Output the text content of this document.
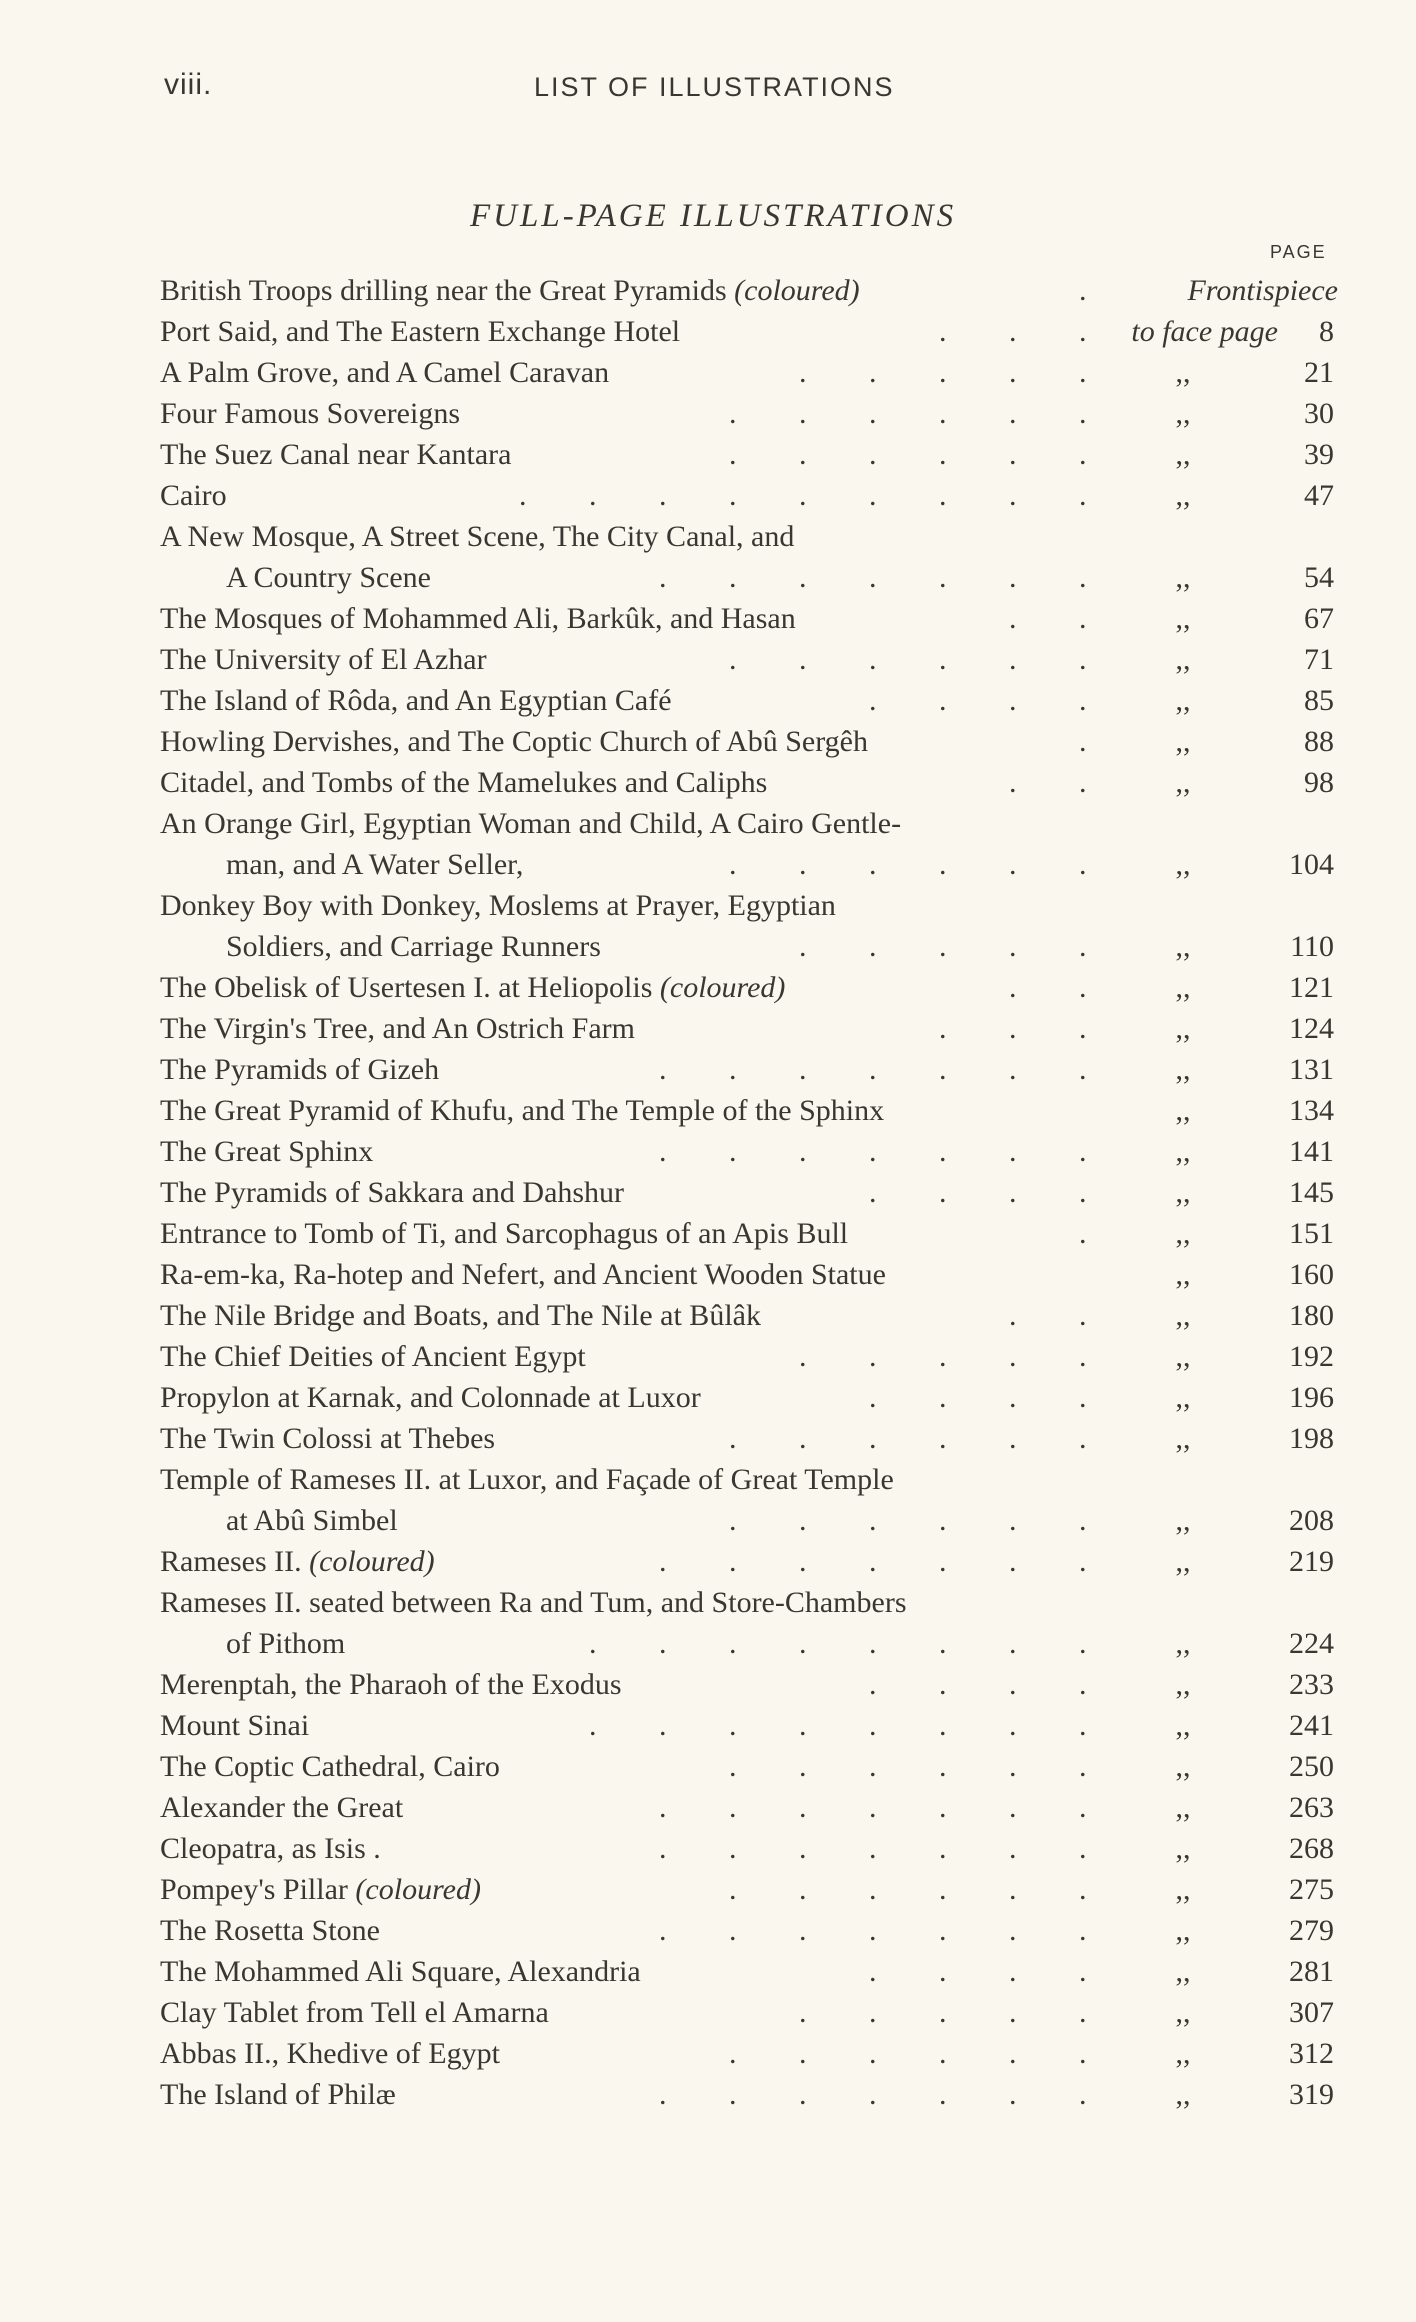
viii.	LIST OF ILLUSTRATIONS
FULL-PAGE ILLUSTRATIONS
PAGE
British Troops drilling near the Great Pyramids (coloured)	.	Frontispiece
Port Said, and The Eastern Exchange Hotel	. . . to face page 8
A Palm Grove, and A Camel Caravan	. . . . .	,,	21
Four Famous Sovereigns	. . . . . .	,,	30
The Suez Canal near Kantara	. . . . . .	,,	39
Cairo	. . . . . . . . .	,,	47
A New Mosque, A Street Scene, The City Canal, and
A Country Scene	. . . . . . .	,,	54
The Mosques of Mohammed Ali, Barkûk, and Hasan	. .	,,	67
The University of El Azhar	. . . . . .	,,	71
The Island of Rôda, and An Egyptian Café	. . . .	,,	85
Howling Dervishes, and The Coptic Church of Abû Sergêh	.	,,	88
Citadel, and Tombs of the Mamelukes and Caliphs	. .	,,	98
An Orange Girl, Egyptian Woman and Child, A Cairo Gentle-
man, and A Water Seller,	. . . . . .	,,	104
Donkey Boy with Donkey, Moslems at Prayer, Egyptian
Soldiers, and Carriage Runners	. . . . .	,,	110
The Obelisk of Usertesen I. at Heliopolis (coloured)	. .	,,	121
The Virgin's Tree, and An Ostrich Farm	. . .	,,	124
The Pyramids of Gizeh	. . . . . . .	,,	131
The Great Pyramid of Khufu, and The Temple of the Sphinx	,,	134
The Great Sphinx	. . . . . . .	,,	141
The Pyramids of Sakkara and Dahshur	. . . .	,,	145
Entrance to Tomb of Ti, and Sarcophagus of an Apis Bull	.	,,	151
Ra-em-ka, Ra-hotep and Nefert, and Ancient Wooden Statue	,,	160
The Nile Bridge and Boats, and The Nile at Bûlâk	. .	,,	180
The Chief Deities of Ancient Egypt	. . . . .	,,	192
Propylon at Karnak, and Colonnade at Luxor	. . . .	,,	196
The Twin Colossi at Thebes	. . . . . .	,,	198
Temple of Rameses II. at Luxor, and Façade of Great Temple
at Abû Simbel	. . . . . .	,,	208
Rameses II. (coloured)	. . . . . . .	,,	219
Rameses II. seated between Ra and Tum, and Store-Chambers
of Pithom	. . . . . . . .	,,	224
Merenptah, the Pharaoh of the Exodus	. . . .	,,	233
Mount Sinai	. . . . . . . .	,,	241
The Coptic Cathedral, Cairo	. . . . . .	,,	250
Alexander the Great	. . . . . . .	,,	263
Cleopatra, as Isis .	. . . . . . .	,,	268
Pompey's Pillar (coloured)	. . . . . .	,,	275
The Rosetta Stone	. . . . . . .	,,	279
The Mohammed Ali Square, Alexandria	. . . .	,,	281
Clay Tablet from Tell el Amarna	. . . . .	,,	307
Abbas II., Khedive of Egypt	. . . . . .	,,	312
The Island of Philæ	. . . . . . .	,,	319
